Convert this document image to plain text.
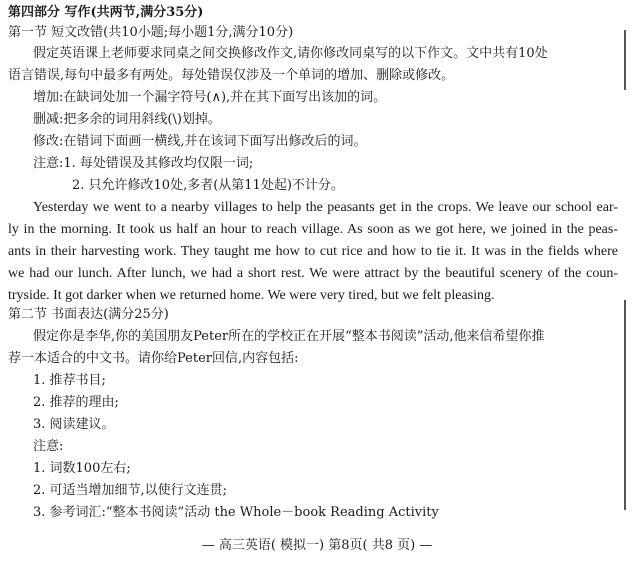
第四部分 写作(共两节,满分35分)
第一节 短文改错(共10小题;每小题1分,满分10分)
假定英语课上老师要求同桌之间交换修改作文,请你修改同桌写的以下作文。文中共有10处
语言错误,每句中最多有两处。每处错误仅涉及一个单词的增加、删除或修改。
增加:在缺词处加一个漏字符号(∧),并在其下面写出该加的词。
删减:把多余的词用斜线(\)划掉。
修改:在错词下面画一横线,并在该词下面写出修改后的词。
注意:1. 每处错误及其修改均仅限一词;
2. 只允许修改10处,多者(从第11处起)不计分。
Yesterday we went to a nearby villages to help the peasants get in the crops. We leave our school ear-
ly in the morning. It took us half an hour to reach village. As soon as we got here, we joined in the peas-
ants in their harvesting work. They taught me how to cut rice and how to tie it. It was in the fields where
we had our lunch. After lunch, we had a short rest. We were attract by the beautiful scenery of the coun-
tryside. It got darker when we returned home. We were very tired, but we felt pleasing.
第二节 书面表达(满分25分)
假定你是李华,你的美国朋友Peter所在的学校正在开展“整本书阅读”活动,他来信希望你推
荐一本适合的中文书。请你给Peter回信,内容包括:
1. 推荐书目;
2. 推荐的理由;
3. 阅读建议。
注意:
1. 词数100左右;
2. 可适当增加细节,以使行文连贯;
3. 参考词汇:“整本书阅读”活动 the Whole－book Reading Activity
— 高三英语( 模拟一) 第8页( 共8 页) —
